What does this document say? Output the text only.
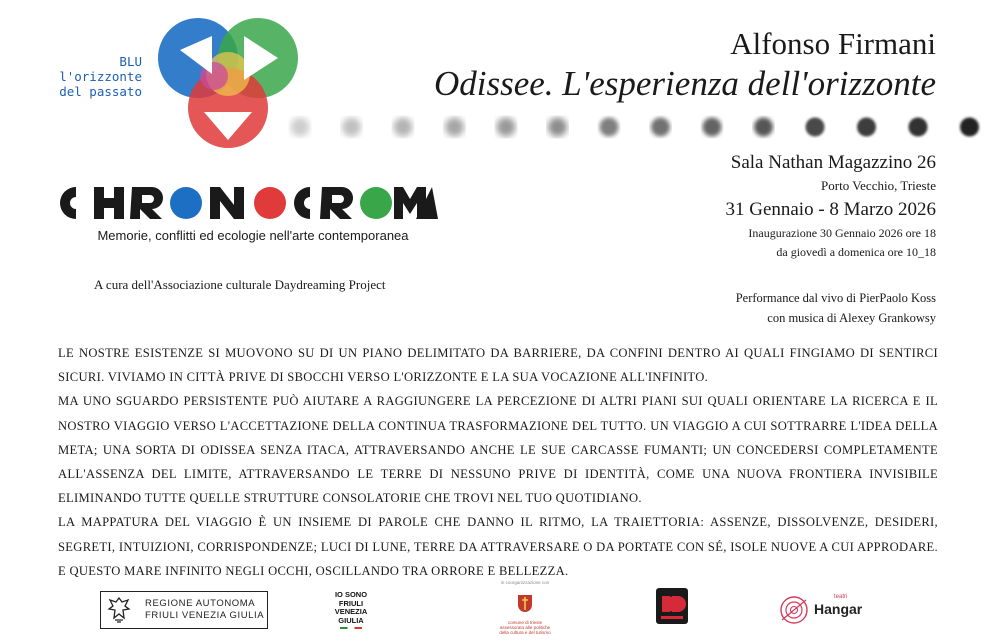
BLU
l'orizzonte
del passato
Memorie, conflitti ed ecologie nell'arte contemporanea
A cura dell'Associazione culturale Daydreaming Project
Alfonso Firmani
Odissee. L'esperienza dell'orizzonte
Sala Nathan Magazzino 26
Porto Vecchio, Trieste
31 Gennaio - 8 Marzo 2026
Inaugurazione 30 Gennaio 2026 ore 18
da giovedì a domenica ore 10_18
Performance dal vivo di PierPaolo Koss
con musica di Alexey Grankowsy

LE NOSTRE ESISTENZE SI MUOVONO SU DI UN PIANO DELIMITATO DA BARRIERE, DA CONFINI DENTRO AI QUALI FINGIAMO DI SENTIRCI SICURI. VIVIAMO IN CITTÀ PRIVE DI SBOCCHI VERSO L'ORIZZONTE E LA SUA VOCAZIONE ALL'INFINITO.

MA UNO SGUARDO PERSISTENTE PUÒ AIUTARE A RAGGIUNGERE LA PERCEZIONE DI ALTRI PIANI SUI QUALI ORIENTARE LA RICERCA E IL NOSTRO VIAGGIO VERSO L'ACCETTAZIONE DELLA CONTINUA TRASFORMAZIONE DEL TUTTO. UN VIAGGIO A CUI SOTTRARRE L'IDEA DELLA META; UNA SORTA DI ODISSEA SENZA ITACA, ATTRAVERSANDO ANCHE LE SUE CARCASSE FUMANTI; UN CONCEDERSI COMPLETAMENTE ALL'ASSENZA DEL LIMITE, ATTRAVERSANDO LE TERRE DI NESSUNO PRIVE DI IDENTITÀ, COME UNA NUOVA FRONTIERA INVISIBILE ELIMINANDO TUTTE QUELLE STRUTTURE CONSOLATORIE CHE TROVI NEL TUO QUOTIDIANO.

LA MAPPATURA DEL VIAGGIO È UN INSIEME DI PAROLE CHE DANNO IL RITMO, LA TRAIETTORIA: ASSENZE, DISSOLVENZE, DESIDERI, SEGRETI, INTUIZIONI, CORRISPONDENZE; LUCI DI LUNE, TERRE DA ATTRAVERSARE O DA PORTATE CON SÉ, ISOLE NUOVE A CUI APPRODARE. E QUESTO MARE INFINITO NEGLI OCCHI, OSCILLANDO TRA ORRORE E BELLEZZA.

REGIONE AUTONOMA
FRIULI VENEZIA GIULIA
IO SONO
FRIULI
VENEZIA
GIULIA
in coorganizzazione con
comune di trieste
assessorato alle politiche
della cultura e del turismo
teatri
Hangar
